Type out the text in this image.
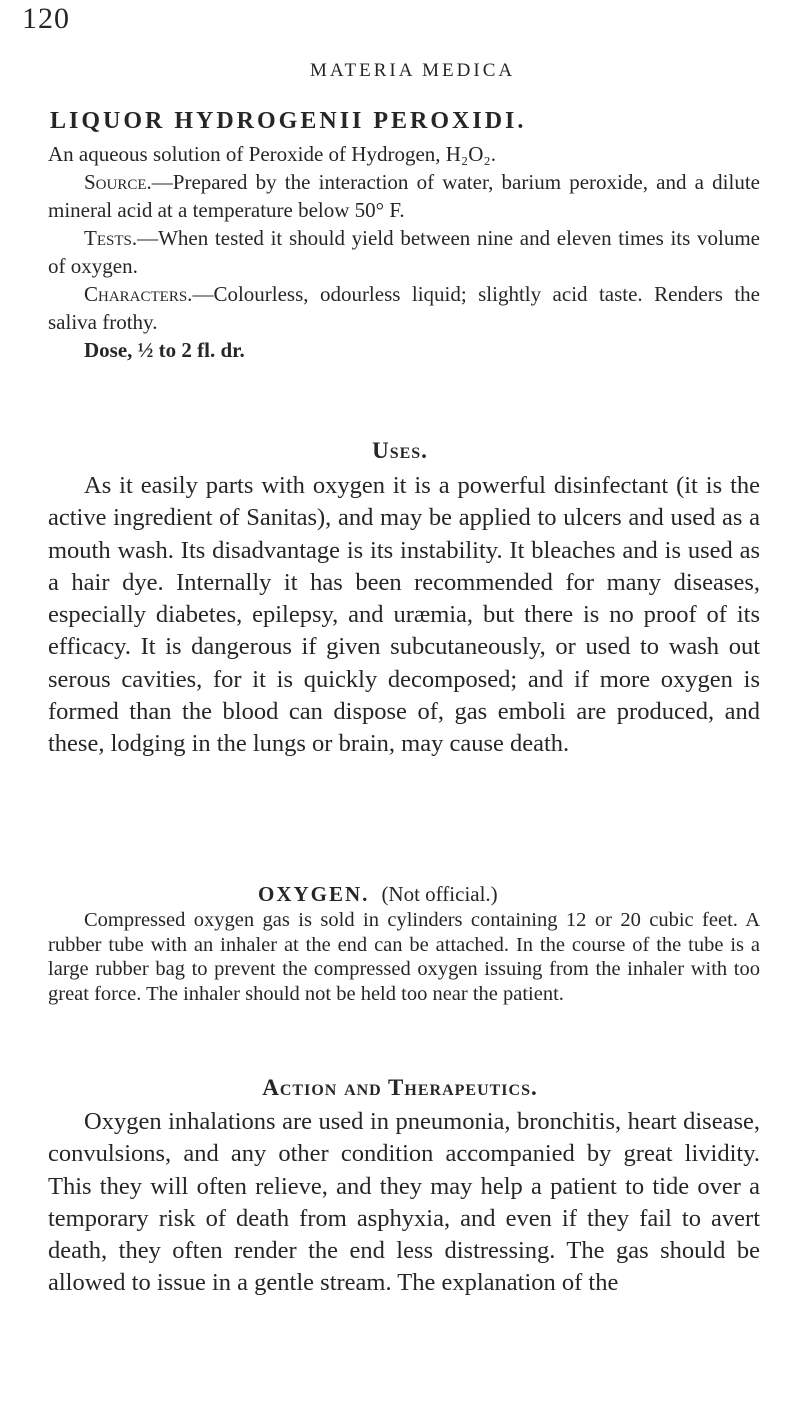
120
MATERIA MEDICA
LIQUOR HYDROGENII PEROXIDI.

An aqueous solution of Peroxide of Hydrogen, H₂O₂.

Source.—Prepared by the interaction of water, barium peroxide, and a dilute mineral acid at a temperature below 50° F.

Tests.—When tested it should yield between nine and eleven times its volume of oxygen.

Characters.—Colourless, odourless liquid; slightly acid taste. Renders the saliva frothy.

Dose, ½ to 2 fl. dr.

Uses.

As it easily parts with oxygen it is a powerful disinfectant (it is the active ingredient of Sanitas), and may be applied to ulcers and used as a mouth wash. Its disadvantage is its instability. It bleaches and is used as a hair dye. Internally it has been recommended for many diseases, especially diabetes, epilepsy, and uræmia, but there is no proof of its efficacy. It is dangerous if given subcutaneously, or used to wash out serous cavities, for it is quickly decomposed; and if more oxygen is formed than the blood can dispose of, gas emboli are produced, and these, lodging in the lungs or brain, may cause death.

OXYGEN. (Not official.)

Compressed oxygen gas is sold in cylinders containing 12 or 20 cubic feet. A rubber tube with an inhaler at the end can be attached. In the course of the tube is a large rubber bag to prevent the compressed oxygen issuing from the inhaler with too great force. The inhaler should not be held too near the patient.

Action and Therapeutics.

Oxygen inhalations are used in pneumonia, bronchitis, heart disease, convulsions, and any other condition accompanied by great lividity. This they will often relieve, and they may help a patient to tide over a temporary risk of death from asphyxia, and even if they fail to avert death, they often render the end less distressing. The gas should be allowed to issue in a gentle stream. The explanation of the
